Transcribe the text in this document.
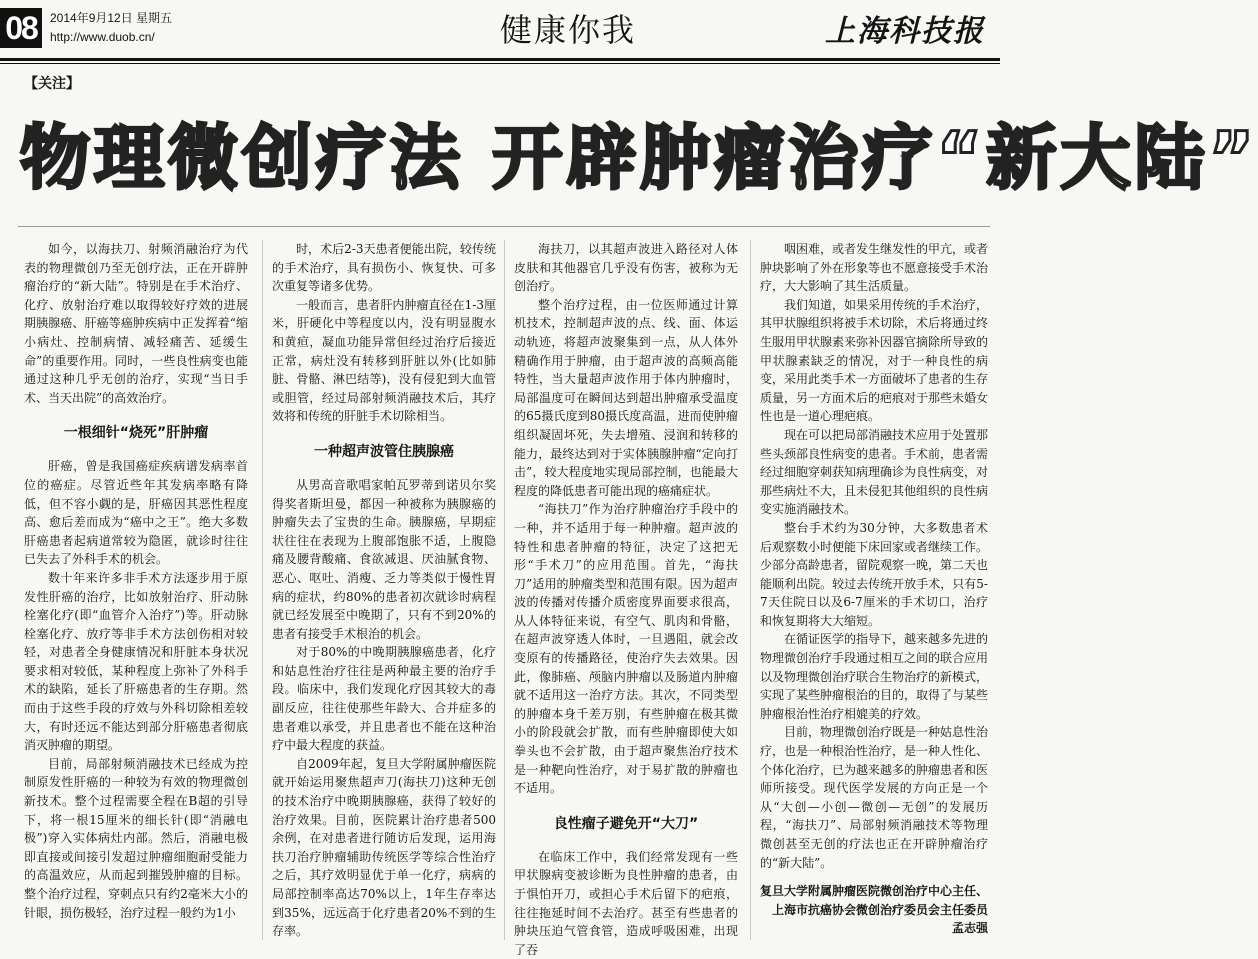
08	2014年9月12日 星期五
http://www.duob.cn/	健康你我	上海科技报
【关注】
物理微创疗法 开辟肿瘤治疗“新大陆”

如今，以海扶刀、射频消融治疗为代表的物理微创乃至无创疗法，正在开辟肿瘤治疗的“新大陆”。特别是在手术治疗、化疗、放射治疗难以取得较好疗效的进展期胰腺癌、肝癌等癌肿疾病中正发挥着“缩小病灶、控制病情、减轻痛苦、延缓生命”的重要作用。同时，一些良性病变也能通过这种几乎无创的治疗，实现“当日手术、当天出院”的高效治疗。

一根细针“烧死”肝肿瘤

肝癌，曾是我国癌症疾病谱发病率首位的癌症。尽管近些年其发病率略有降低，但不容小觑的是，肝癌因其恶性程度高、愈后差而成为“癌中之王”。绝大多数肝癌患者起病道常较为隐匿，就诊时往往已失去了外科手术的机会。

数十年来许多非手术方法逐步用于原发性肝癌的治疗，比如放射治疗、肝动脉栓塞化疗(即“血管介入治疗”)等。肝动脉栓塞化疗、放疗等非手术方法创伤相对较轻，对患者全身健康情况和肝脏本身状况要求相对较低，某种程度上弥补了外科手术的缺陷，延长了肝癌患者的生存期。然而由于这些手段的疗效与外科切除相差较大，有时还远不能达到部分肝癌患者彻底消灭肿瘤的期望。

目前，局部射频消融技术已经成为控制原发性肝癌的一种较为有效的物理微创新技术。整个过程需要全程在B超的引导下，将一根15厘米的细长针(即“消融电极”)穿入实体病灶内部。然后，消融电极即直接或间接引发超过肿瘤细胞耐受能力的高温效应，从而起到摧毁肿瘤的目标。整个治疗过程，穿刺点只有约2毫米大小的针眼，损伤极轻，治疗过程一般约为1小

时，术后2-3天患者便能出院，较传统的手术治疗，具有损伤小、恢复快、可多次重复等诸多优势。

一般而言，患者肝内肿瘤直径在1-3厘米，肝硬化中等程度以内，没有明显腹水和黄疸，凝血功能异常但经过治疗后接近正常，病灶没有转移到肝脏以外(比如肺脏、骨骼、淋巴结等)，没有侵犯到大血管或胆管，经过局部射频消融技术后，其疗效将和传统的肝脏手术切除相当。

一种超声波管住胰腺癌

从男高音歌唱家帕瓦罗蒂到诺贝尔奖得奖者斯坦曼，都因一种被称为胰腺癌的肿瘤失去了宝贵的生命。胰腺癌，早期症状往往在表现为上腹部饱胀不适，上腹隐痛及腰背酸痛、食欲减退、厌油腻食物、恶心、呕吐、消瘦、乏力等类似于慢性胃病的症状，约80%的患者初次就诊时病程就已经发展至中晚期了，只有不到20%的患者有接受手术根治的机会。

对于80%的中晚期胰腺癌患者，化疗和姑息性治疗往往是两种最主要的治疗手段。临床中，我们发现化疗因其较大的毒副反应，往往使那些年龄大、合并症多的患者难以承受，并且患者也不能在这种治疗中最大程度的获益。

自2009年起，复旦大学附属肿瘤医院就开始运用聚焦超声刀(海扶刀)这种无创的技术治疗中晚期胰腺癌，获得了较好的治疗效果。目前，医院累计治疗患者500余例，在对患者进行随访后发现，运用海扶刀治疗肿瘤辅助传统医学等综合性治疗之后，其疗效明显优于单一化疗，病病的局部控制率高达70%以上，1年生存率达到35%，远远高于化疗患者20%不到的生存率。

海扶刀，以其超声波进入路径对人体皮肤和其他器官几乎没有伤害，被称为无创治疗。

整个治疗过程，由一位医师通过计算机技术，控制超声波的点、线、面、体运动轨迹，将超声波聚集到一点，从人体外精确作用于肿瘤，由于超声波的高频高能特性，当大量超声波作用于体内肿瘤时，局部温度可在瞬间达到超出肿瘤承受温度的65摄氏度到80摄氏度高温，进而使肿瘤组织凝固坏死，失去增殖、浸润和转移的能力，最终达到对于实体胰腺肿瘤“定向打击”，较大程度地实现局部控制，也能最大程度的降低患者可能出现的癌痛症状。

“海扶刀”作为治疗肿瘤治疗手段中的一种，并不适用于每一种肿瘤。超声波的特性和患者肿瘤的特征，决定了这把无形“手术刀”的应用范围。首先，“海扶刀”适用的肿瘤类型和范围有限。因为超声波的传播对传播介质密度界面要求很高，从人体特征来说，有空气、肌肉和骨骼，在超声波穿透人体时，一旦遇阻，就会改变原有的传播路径，使治疗失去效果。因此，像肺癌、颅脑内肿瘤以及肠道内肿瘤就不适用这一治疗方法。其次，不同类型的肿瘤本身千差万别，有些肿瘤在极其微小的阶段就会扩散，而有些肿瘤即使大如拳头也不会扩散，由于超声聚焦治疗技术是一种靶向性治疗，对于易扩散的肿瘤也不适用。

良性瘤子避免开“大刀”

在临床工作中，我们经常发现有一些甲状腺病变被诊断为良性肿瘤的患者，由于惧怕开刀，或担心手术后留下的疤痕，往往拖延时间不去治疗。甚至有些患者的肿块压迫气管食管，造成呼吸困难，出现了吞

咽困难，或者发生继发性的甲亢，或者肿块影响了外在形象等也不愿意接受手术治疗，大大影响了其生活质量。

我们知道，如果采用传统的手术治疗，其甲状腺组织将被手术切除，术后将通过终生服用甲状腺素来弥补因器官摘除所导致的甲状腺素缺乏的情况，对于一种良性的病变，采用此类手术一方面破坏了患者的生存质量，另一方面术后的疤痕对于那些未婚女性也是一道心理疤痕。

现在可以把局部消融技术应用于处置那些头颈部良性病变的患者。手术前，患者需经过细胞穿刺获知病理确诊为良性病变，对那些病灶不大，且未侵犯其他组织的良性病变实施消融技术。

整台手术约为30分钟，大多数患者术后观察数小时便能下床回家或者继续工作。少部分高龄患者，留院观察一晚，第二天也能顺利出院。较过去传统开放手术，只有5-7天住院日以及6-7厘米的手术切口，治疗和恢复期将大大缩短。

在循证医学的指导下，越来越多先进的物理微创治疗手段通过相互之间的联合应用以及物理微创治疗联合生物治疗的新模式，实现了某些肿瘤根治的目的，取得了与某些肿瘤根治性治疗相媲美的疗效。

目前，物理微创治疗既是一种姑息性治疗，也是一种根治性治疗，是一种人性化、个体化治疗，已为越来越多的肿瘤患者和医师所接受。现代医学发展的方向正是一个从“大创—小创—微创—无创”的发展历程，“海扶刀”、局部射频消融技术等物理微创甚至无创的疗法也正在开辟肿瘤治疗的“新大陆”。

复旦大学附属肿瘤医院微创治疗中心主任、上海市抗癌协会微创治疗委员会主任委员　孟志强
